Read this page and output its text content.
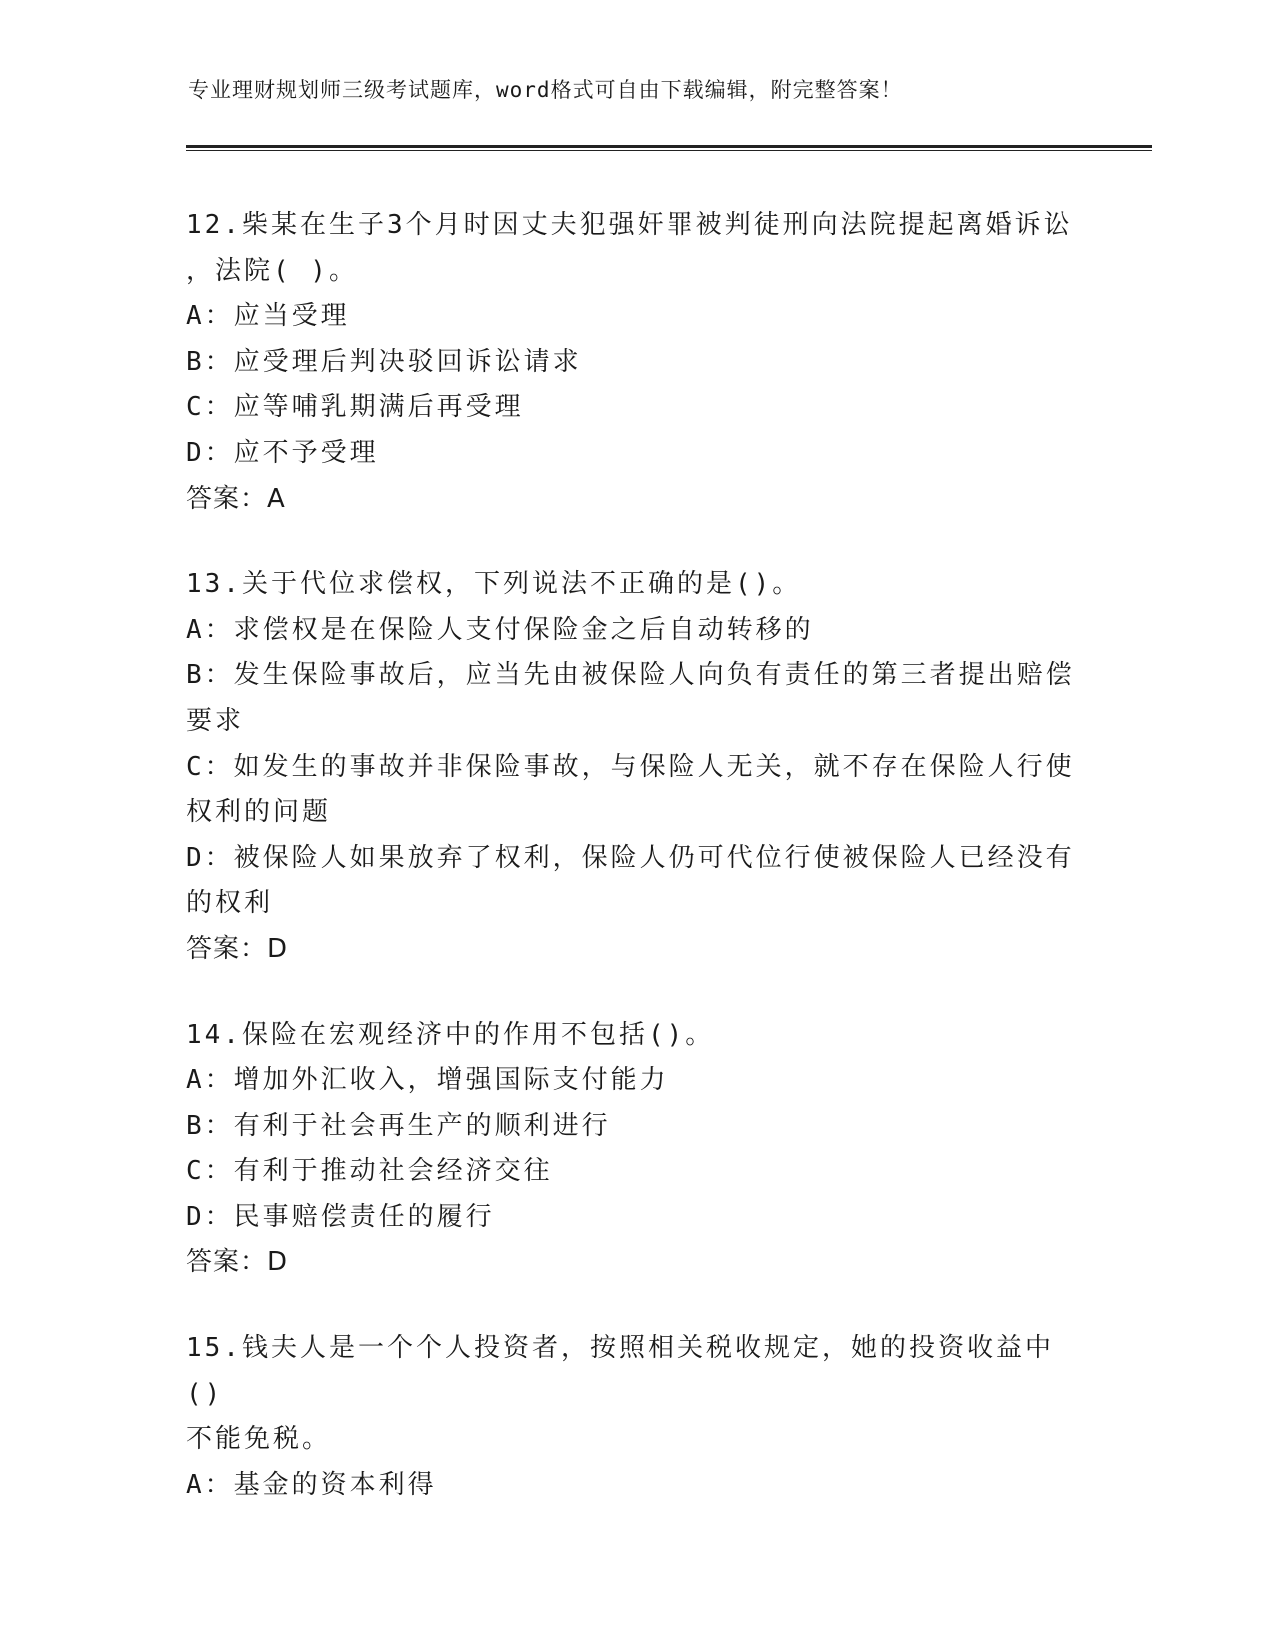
专业理财规划师三级考试题库，word格式可自由下载编辑，附完整答案！

12.柴某在生子3个月时因丈夫犯强奸罪被判徒刑向法院提起离婚诉讼

，法院( )。

A：应当受理

B：应受理后判决驳回诉讼请求

C：应等哺乳期满后再受理

D：应不予受理

答案：A

13.关于代位求偿权，下列说法不正确的是()。

A：求偿权是在保险人支付保险金之后自动转移的

B：发生保险事故后，应当先由被保险人向负有责任的第三者提出赔偿

要求

C：如发生的事故并非保险事故，与保险人无关，就不存在保险人行使

权利的问题

D：被保险人如果放弃了权利，保险人仍可代位行使被保险人已经没有

的权利

答案：D

14.保险在宏观经济中的作用不包括()。

A：增加外汇收入，增强国际支付能力

B：有利于社会再生产的顺利进行

C：有利于推动社会经济交往

D：民事赔偿责任的履行

答案：D

15.钱夫人是一个个人投资者，按照相关税收规定，她的投资收益中()

不能免税。

A：基金的资本利得
